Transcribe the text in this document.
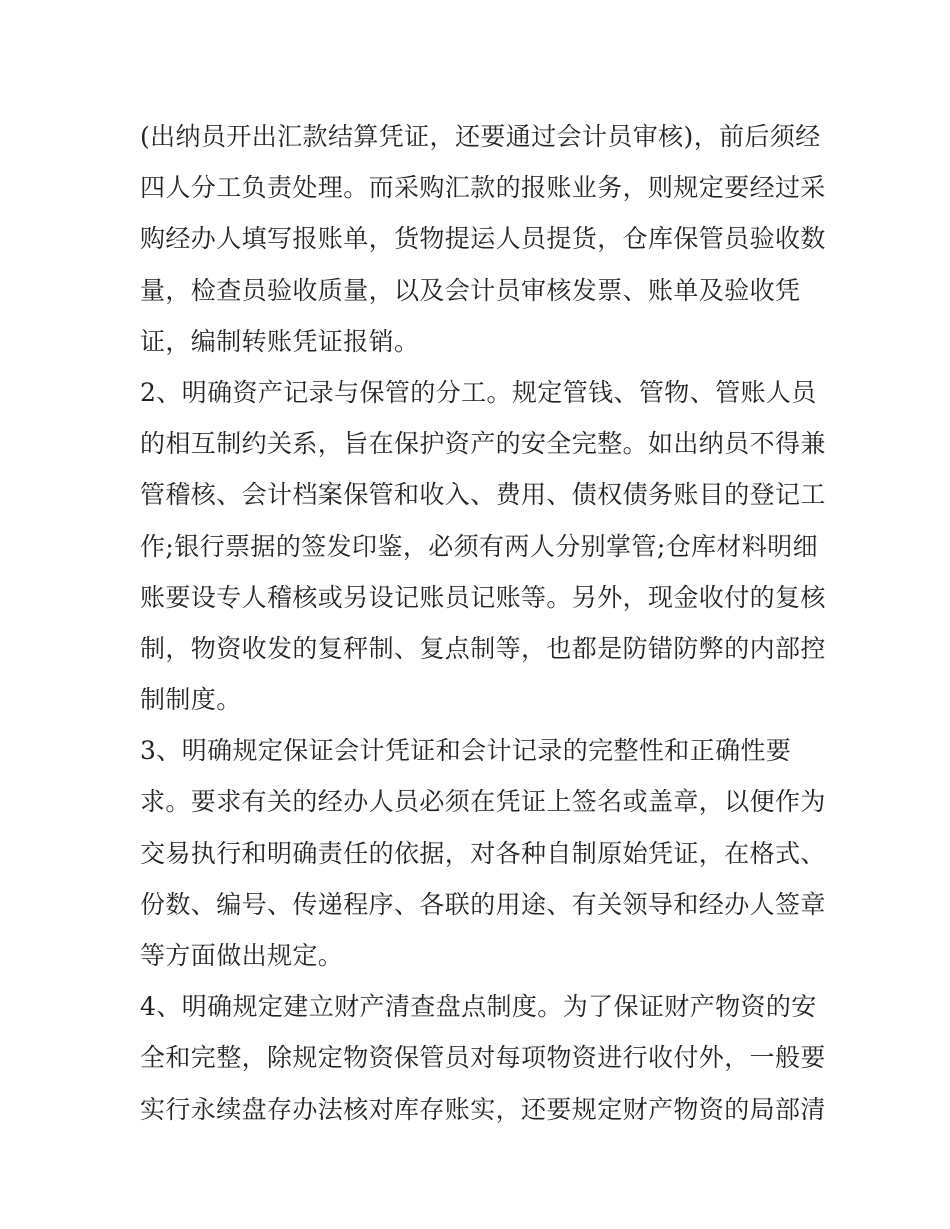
(出纳员开出汇款结算凭证，还要通过会计员审核)，前后须经
四人分工负责处理。而采购汇款的报账业务，则规定要经过采
购经办人填写报账单，货物提运人员提货，仓库保管员验收数
量，检查员验收质量，以及会计员审核发票、账单及验收凭
证，编制转账凭证报销。
2、明确资产记录与保管的分工。规定管钱、管物、管账人员
的相互制约关系，旨在保护资产的安全完整。如出纳员不得兼
管稽核、会计档案保管和收入、费用、债权债务账目的登记工
作;银行票据的签发印鉴，必须有两人分别掌管;仓库材料明细
账要设专人稽核或另设记账员记账等。另外，现金收付的复核
制，物资收发的复秤制、复点制等，也都是防错防弊的内部控
制制度。
3、明确规定保证会计凭证和会计记录的完整性和正确性要
求。要求有关的经办人员必须在凭证上签名或盖章，以便作为
交易执行和明确责任的依据，对各种自制原始凭证，在格式、
份数、编号、传递程序、各联的用途、有关领导和经办人签章
等方面做出规定。
4、明确规定建立财产清查盘点制度。为了保证财产物资的安
全和完整，除规定物资保管员对每项物资进行收付外，一般要
实行永续盘存办法核对库存账实，还要规定财产物资的局部清
